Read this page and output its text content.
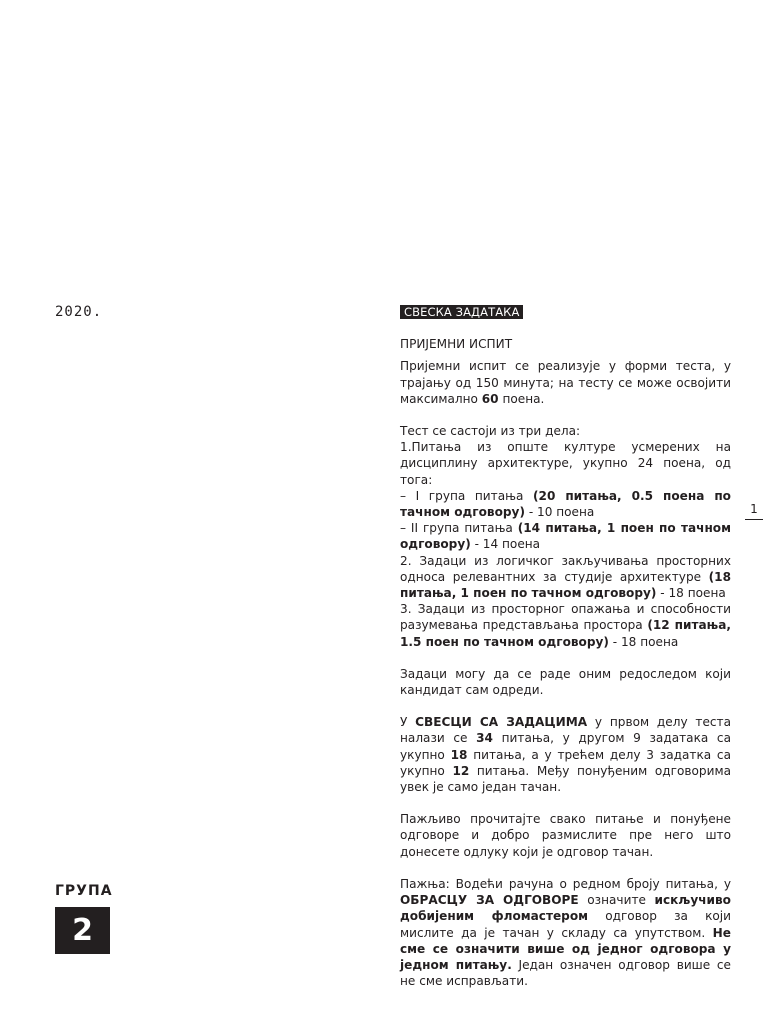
2020.
ГРУПА
2
1
СВЕСКА ЗАДАТАКА
ПРИЈЕМНИ ИСПИТ

Пријемни испит се реализује у форми теста, у трајању од 150 минута; на тесту се може освојити максимално 60 поена.

Тест се састоји из три дела:

1.Питања из опште културе усмерених на дисциплину архитектуре, укупно 24 поена, од тога:

– I група питања (20 питања, 0.5 поена по тачном одговору) - 10 поена

– II група питања (14 питања, 1 поен по тачном одговору) - 14 поена

2. Задаци из логичког закључивања просторних односа релевантних за студије архитектуре (18 питања, 1 поен по тачном одговору) - 18 поена

3. Задаци из просторног опажања и способности разумевања представљања простора (12 питања, 1.5 поен по тачном одговору) - 18 поена

Задаци могу да се раде оним редоследом који кандидат сам одреди.

У СВЕСЦИ СА ЗАДАЦИМА у првом делу теста налази се 34 питања, у другом 9 задатака са укупно 18 питања, а у трећем делу 3 задатка са укупно 12 питања. Међу понуђеним одговорима увек је само један тачан.

Пажљиво прочитајте свако питање и понуђене одговоре и добро размислите пре него што донесете одлуку који је одговор тачан.

Пажња: Водећи рачуна о редном броју питања, у ОБРАСЦУ ЗА ОДГОВОРЕ означите искључиво добијеним фломастером одговор за који мислите да је тачан у складу са упутством. Не сме се означити више од једног одговора у једном питању. Један означен одговор више се не сме исправљати.
